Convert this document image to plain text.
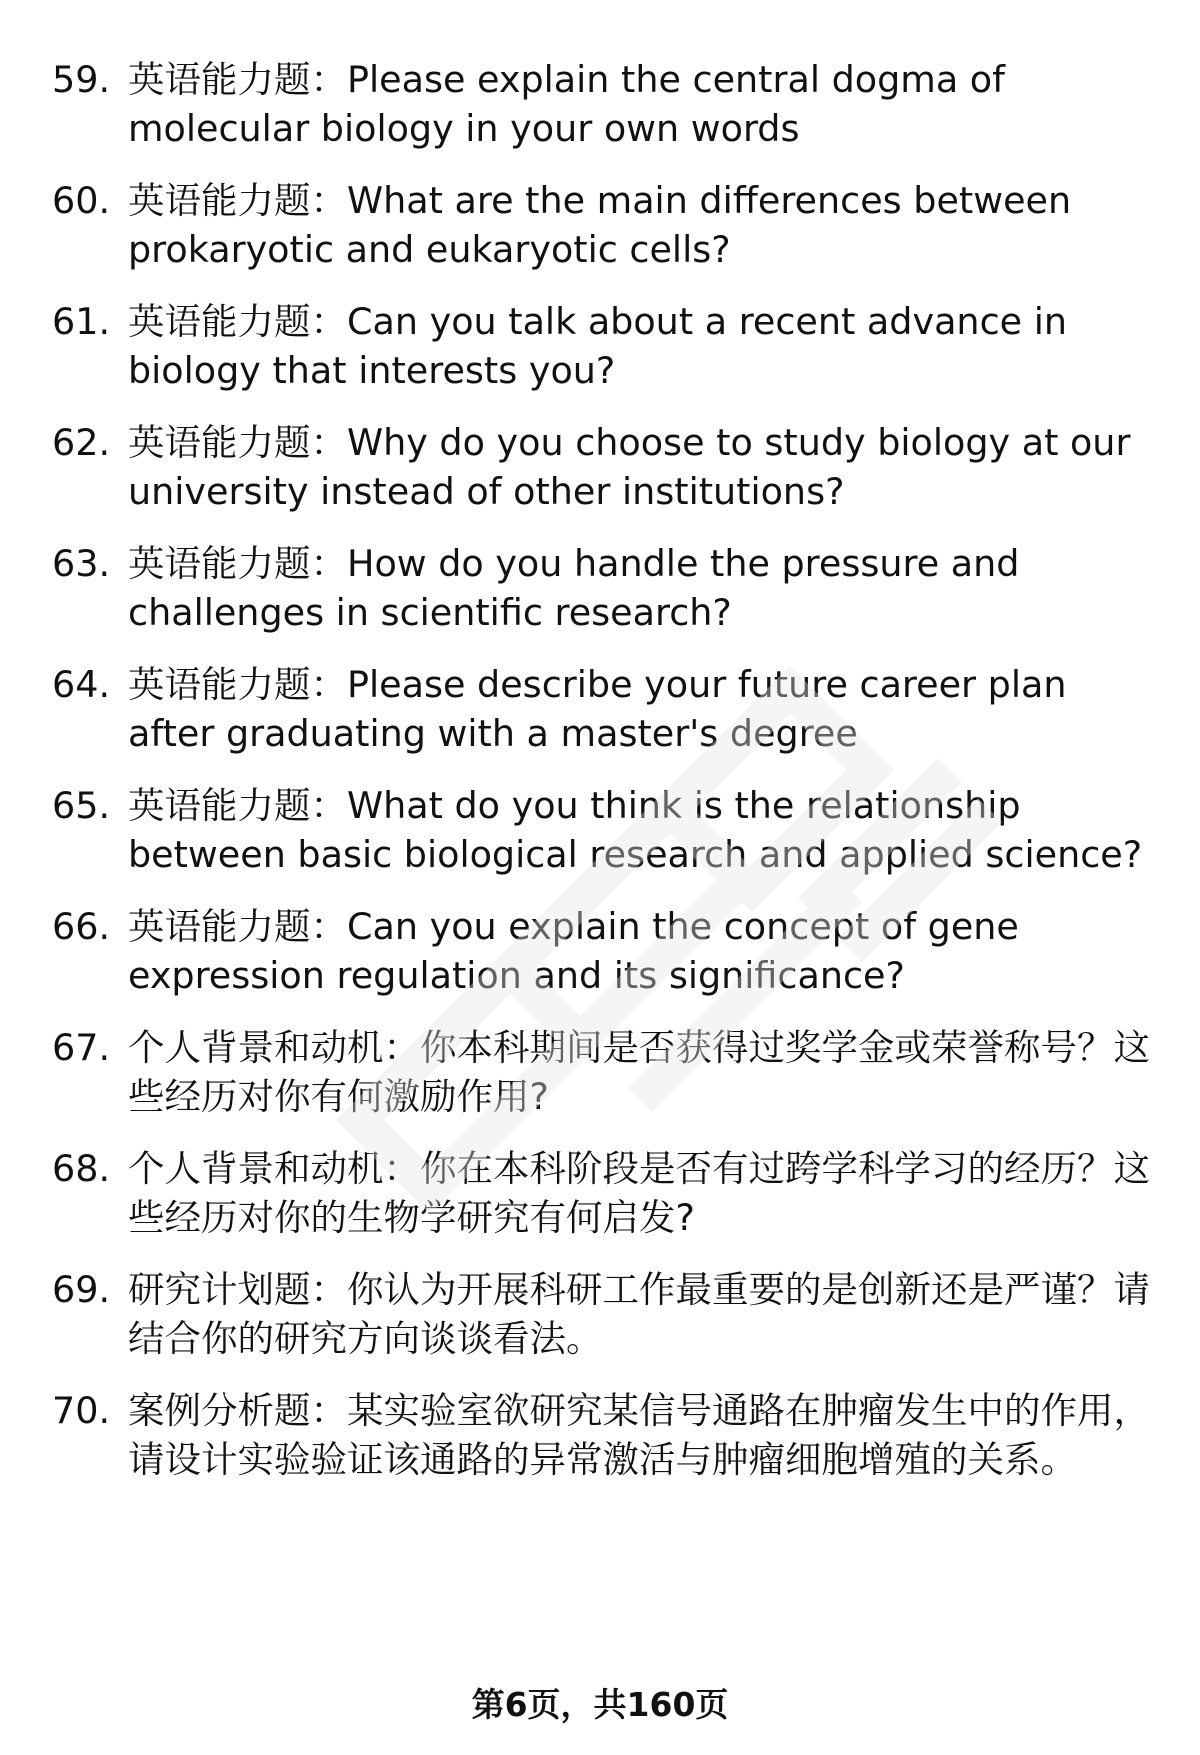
59. 英语能力题：Please explain the central dogma of molecular biology in your own words
60. 英语能力题：What are the main differences between prokaryotic and eukaryotic cells?
61. 英语能力题：Can you talk about a recent advance in biology that interests you?
62. 英语能力题：Why do you choose to study biology at our university instead of other institutions?
63. 英语能力题：How do you handle the pressure and challenges in scientific research?
64. 英语能力题：Please describe your future career plan after graduating with a master's degree
65. 英语能力题：What do you think is the relationship between basic biological research and applied science?
66. 英语能力题：Can you explain the concept of gene expression regulation and its significance?
67. 个人背景和动机：你本科期间是否获得过奖学金或荣誉称号？这些经历对你有何激励作用?
68. 个人背景和动机：你在本科阶段是否有过跨学科学习的经历？这些经历对你的生物学研究有何启发?
69. 研究计划题：你认为开展科研工作最重要的是创新还是严谨？请结合你的研究方向谈谈看法。
70. 案例分析题：某实验室欲研究某信号通路在肿瘤发生中的作用，请设计实验验证该通路的异常激活与肿瘤细胞增殖的关系。
第6页，共160页
